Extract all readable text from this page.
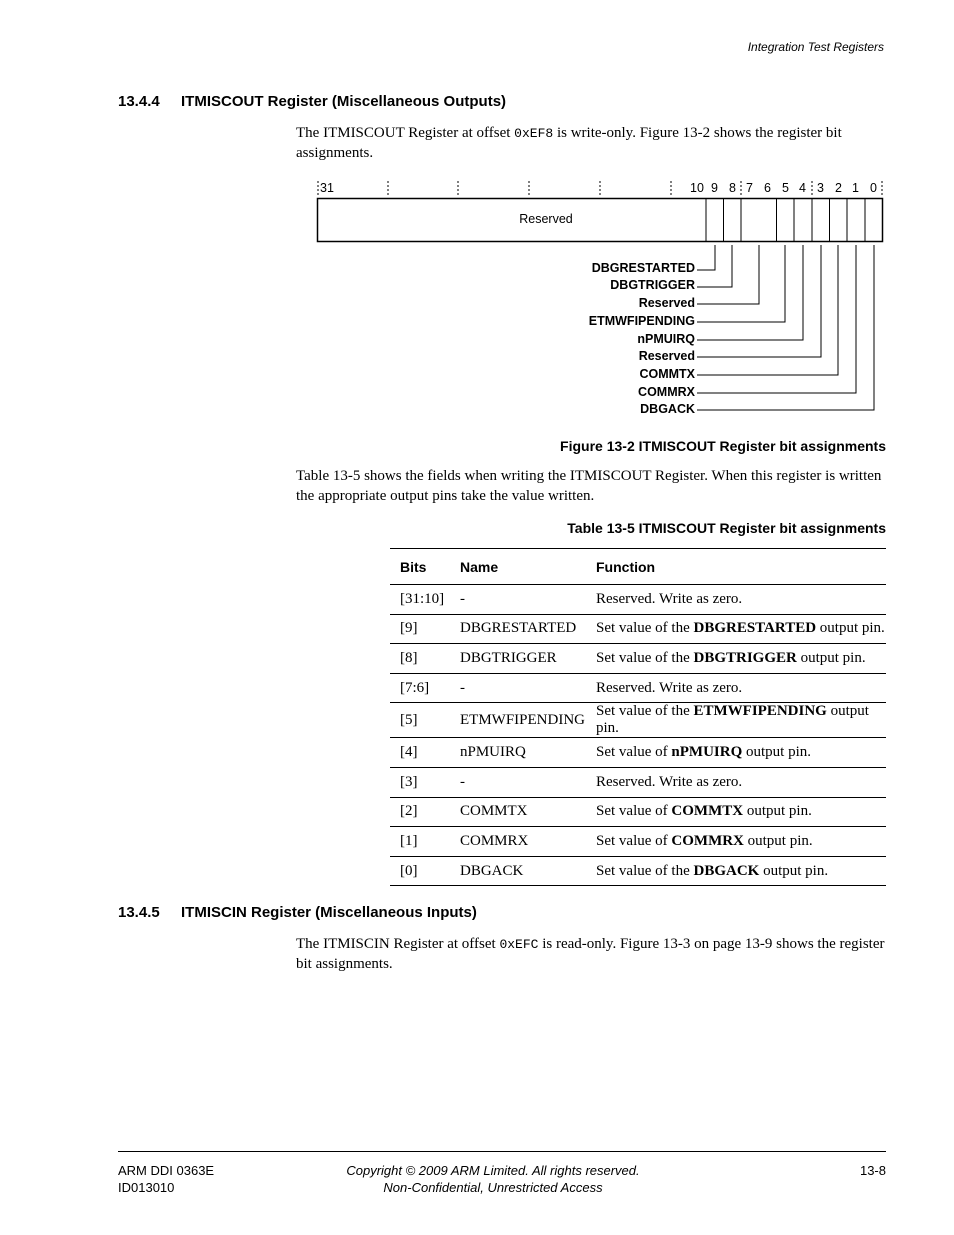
Integration Test Registers
13.4.4 ITMISCOUT Register (Miscellaneous Outputs)
The ITMISCOUT Register at offset 0xEF8 is write-only. Figure 13-2 shows the register bit assignments.
31	10 9 8 7 6 5 4 3 2 1 0
Reserved
DBGRESTARTED
DBGTRIGGER
Reserved
ETMWFIPENDING
nPMUIRQ
Reserved
COMMTX
COMMRX
DBGACK
Figure 13-2 ITMISCOUT Register bit assignments
Table 13-5 shows the fields when writing the ITMISCOUT Register. When this register is written the appropriate output pins take the value written.
Table 13-5 ITMISCOUT Register bit assignments
Bits	Name	Function
[31:10]	-	Reserved. Write as zero.
[9]	DBGRESTARTED	Set value of the DBGRESTARTED output pin.
[8]	DBGTRIGGER	Set value of the DBGTRIGGER output pin.
[7:6]	-	Reserved. Write as zero.
[5]	ETMWFIPENDING	Set value of the ETMWFIPENDING output pin.
[4]	nPMUIRQ	Set value of nPMUIRQ output pin.
[3]	-	Reserved. Write as zero.
[2]	COMMTX	Set value of COMMTX output pin.
[1]	COMMRX	Set value of COMMRX output pin.
[0]	DBGACK	Set value of the DBGACK output pin.
13.4.5 ITMISCIN Register (Miscellaneous Inputs)
The ITMISCIN Register at offset 0xEFC is read-only. Figure 13-3 on page 13-9 shows the register bit assignments.
ARM DDI 0363E
ID013010
Copyright © 2009 ARM Limited. All rights reserved.
Non-Confidential, Unrestricted Access
13-8
